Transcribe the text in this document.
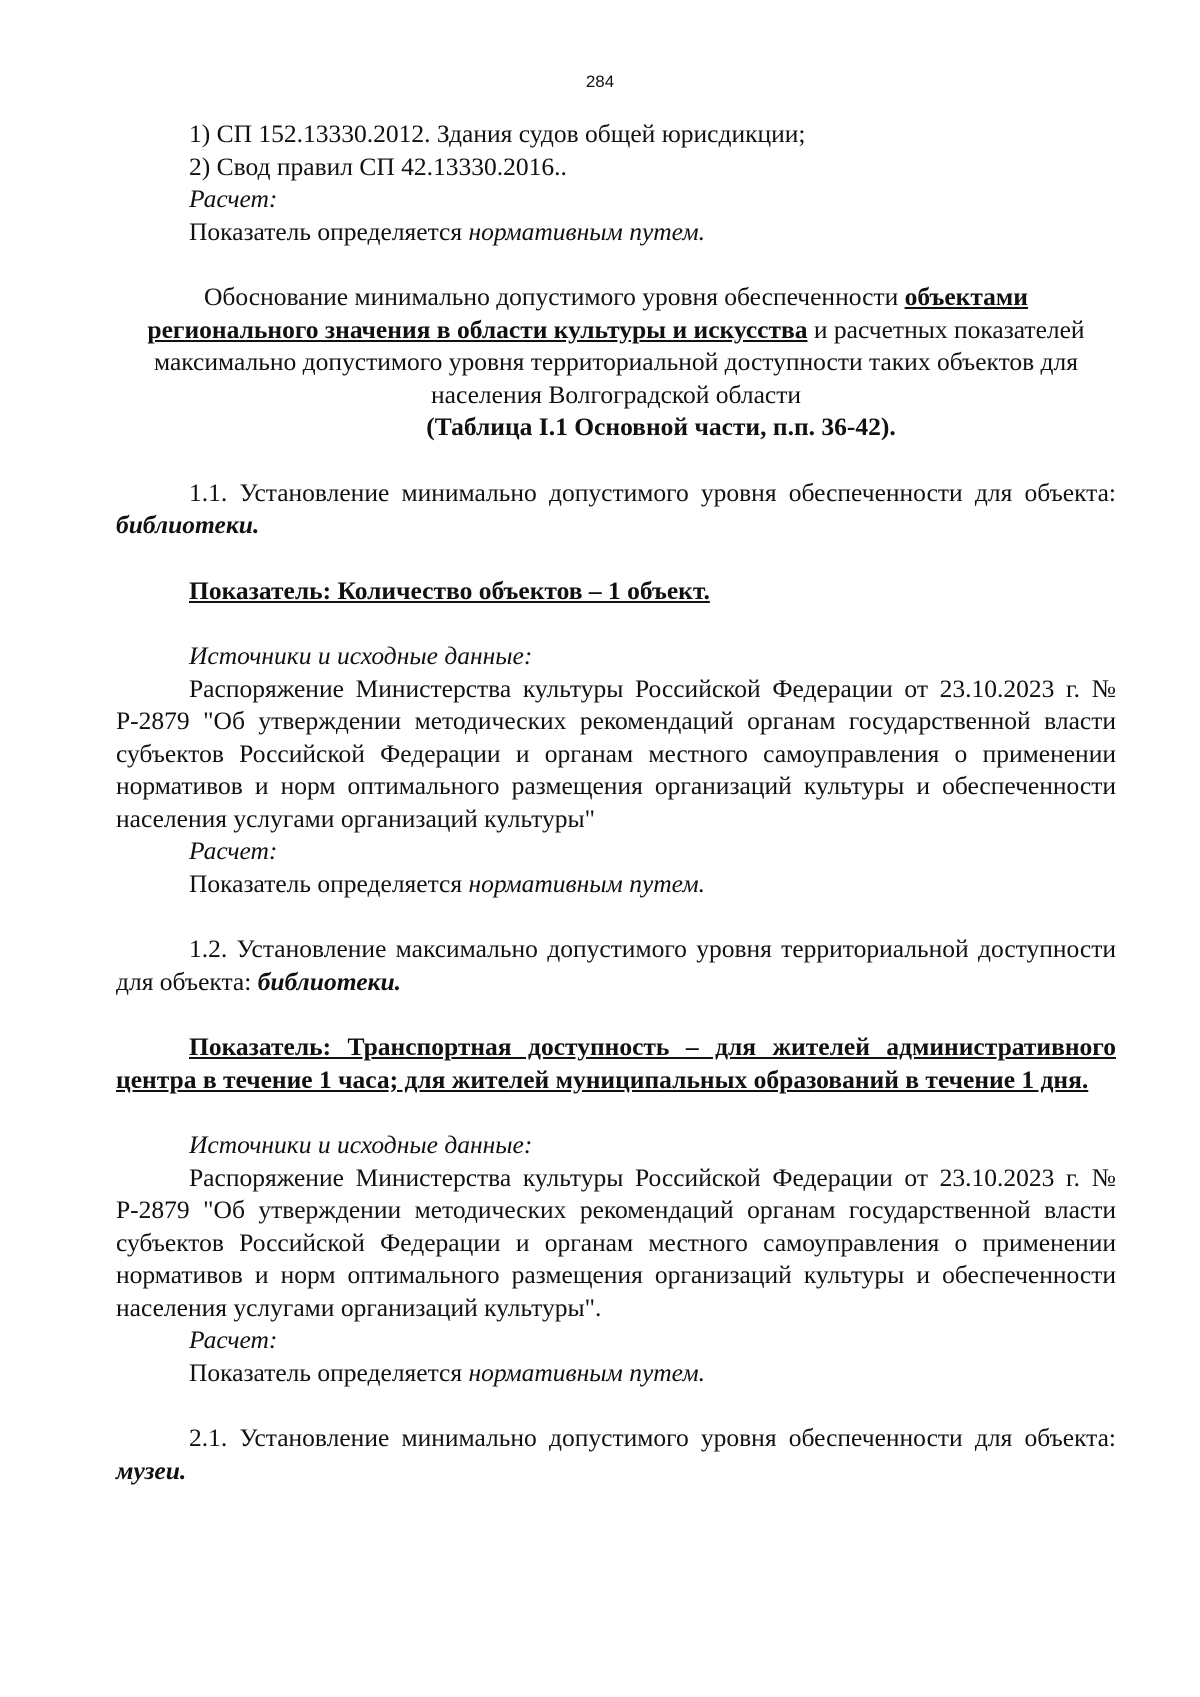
284

1) СП 152.13330.2012. Здания судов общей юрисдикции;

2) Свод правил СП 42.13330.2016..

Расчет:

Показатель определяется нормативным путем.

Обоснование минимально допустимого уровня обеспеченности объектами регионального значения в области культуры и искусства и расчетных показателей максимально допустимого уровня территориальной доступности таких объектов для населения Волгоградской области

(Таблица I.1 Основной части, п.п. 36-42).

1.1. Установление минимально допустимого уровня обеспеченности для объекта: библиотеки.

Показатель: Количество объектов – 1 объект.

Источники и исходные данные:

Распоряжение Министерства культуры Российской Федерации от 23.10.2023 г. № Р-2879 "Об утверждении методических рекомендаций органам государственной власти субъектов Российской Федерации и органам местного самоуправления о применении нормативов и норм оптимального размещения организаций культуры и обеспеченности населения услугами организаций культуры"

Расчет:

Показатель определяется нормативным путем.

1.2. Установление максимально допустимого уровня территориальной доступности для объекта: библиотеки.

Показатель: Транспортная доступность – для жителей административного центра в течение 1 часа; для жителей муниципальных образований в течение 1 дня.

Источники и исходные данные:

Распоряжение Министерства культуры Российской Федерации от 23.10.2023 г. № Р-2879 "Об утверждении методических рекомендаций органам государственной власти субъектов Российской Федерации и органам местного самоуправления о применении нормативов и норм оптимального размещения организаций культуры и обеспеченности населения услугами организаций культуры".

Расчет:

Показатель определяется нормативным путем.

2.1. Установление минимально допустимого уровня обеспеченности для объекта: музеи.
